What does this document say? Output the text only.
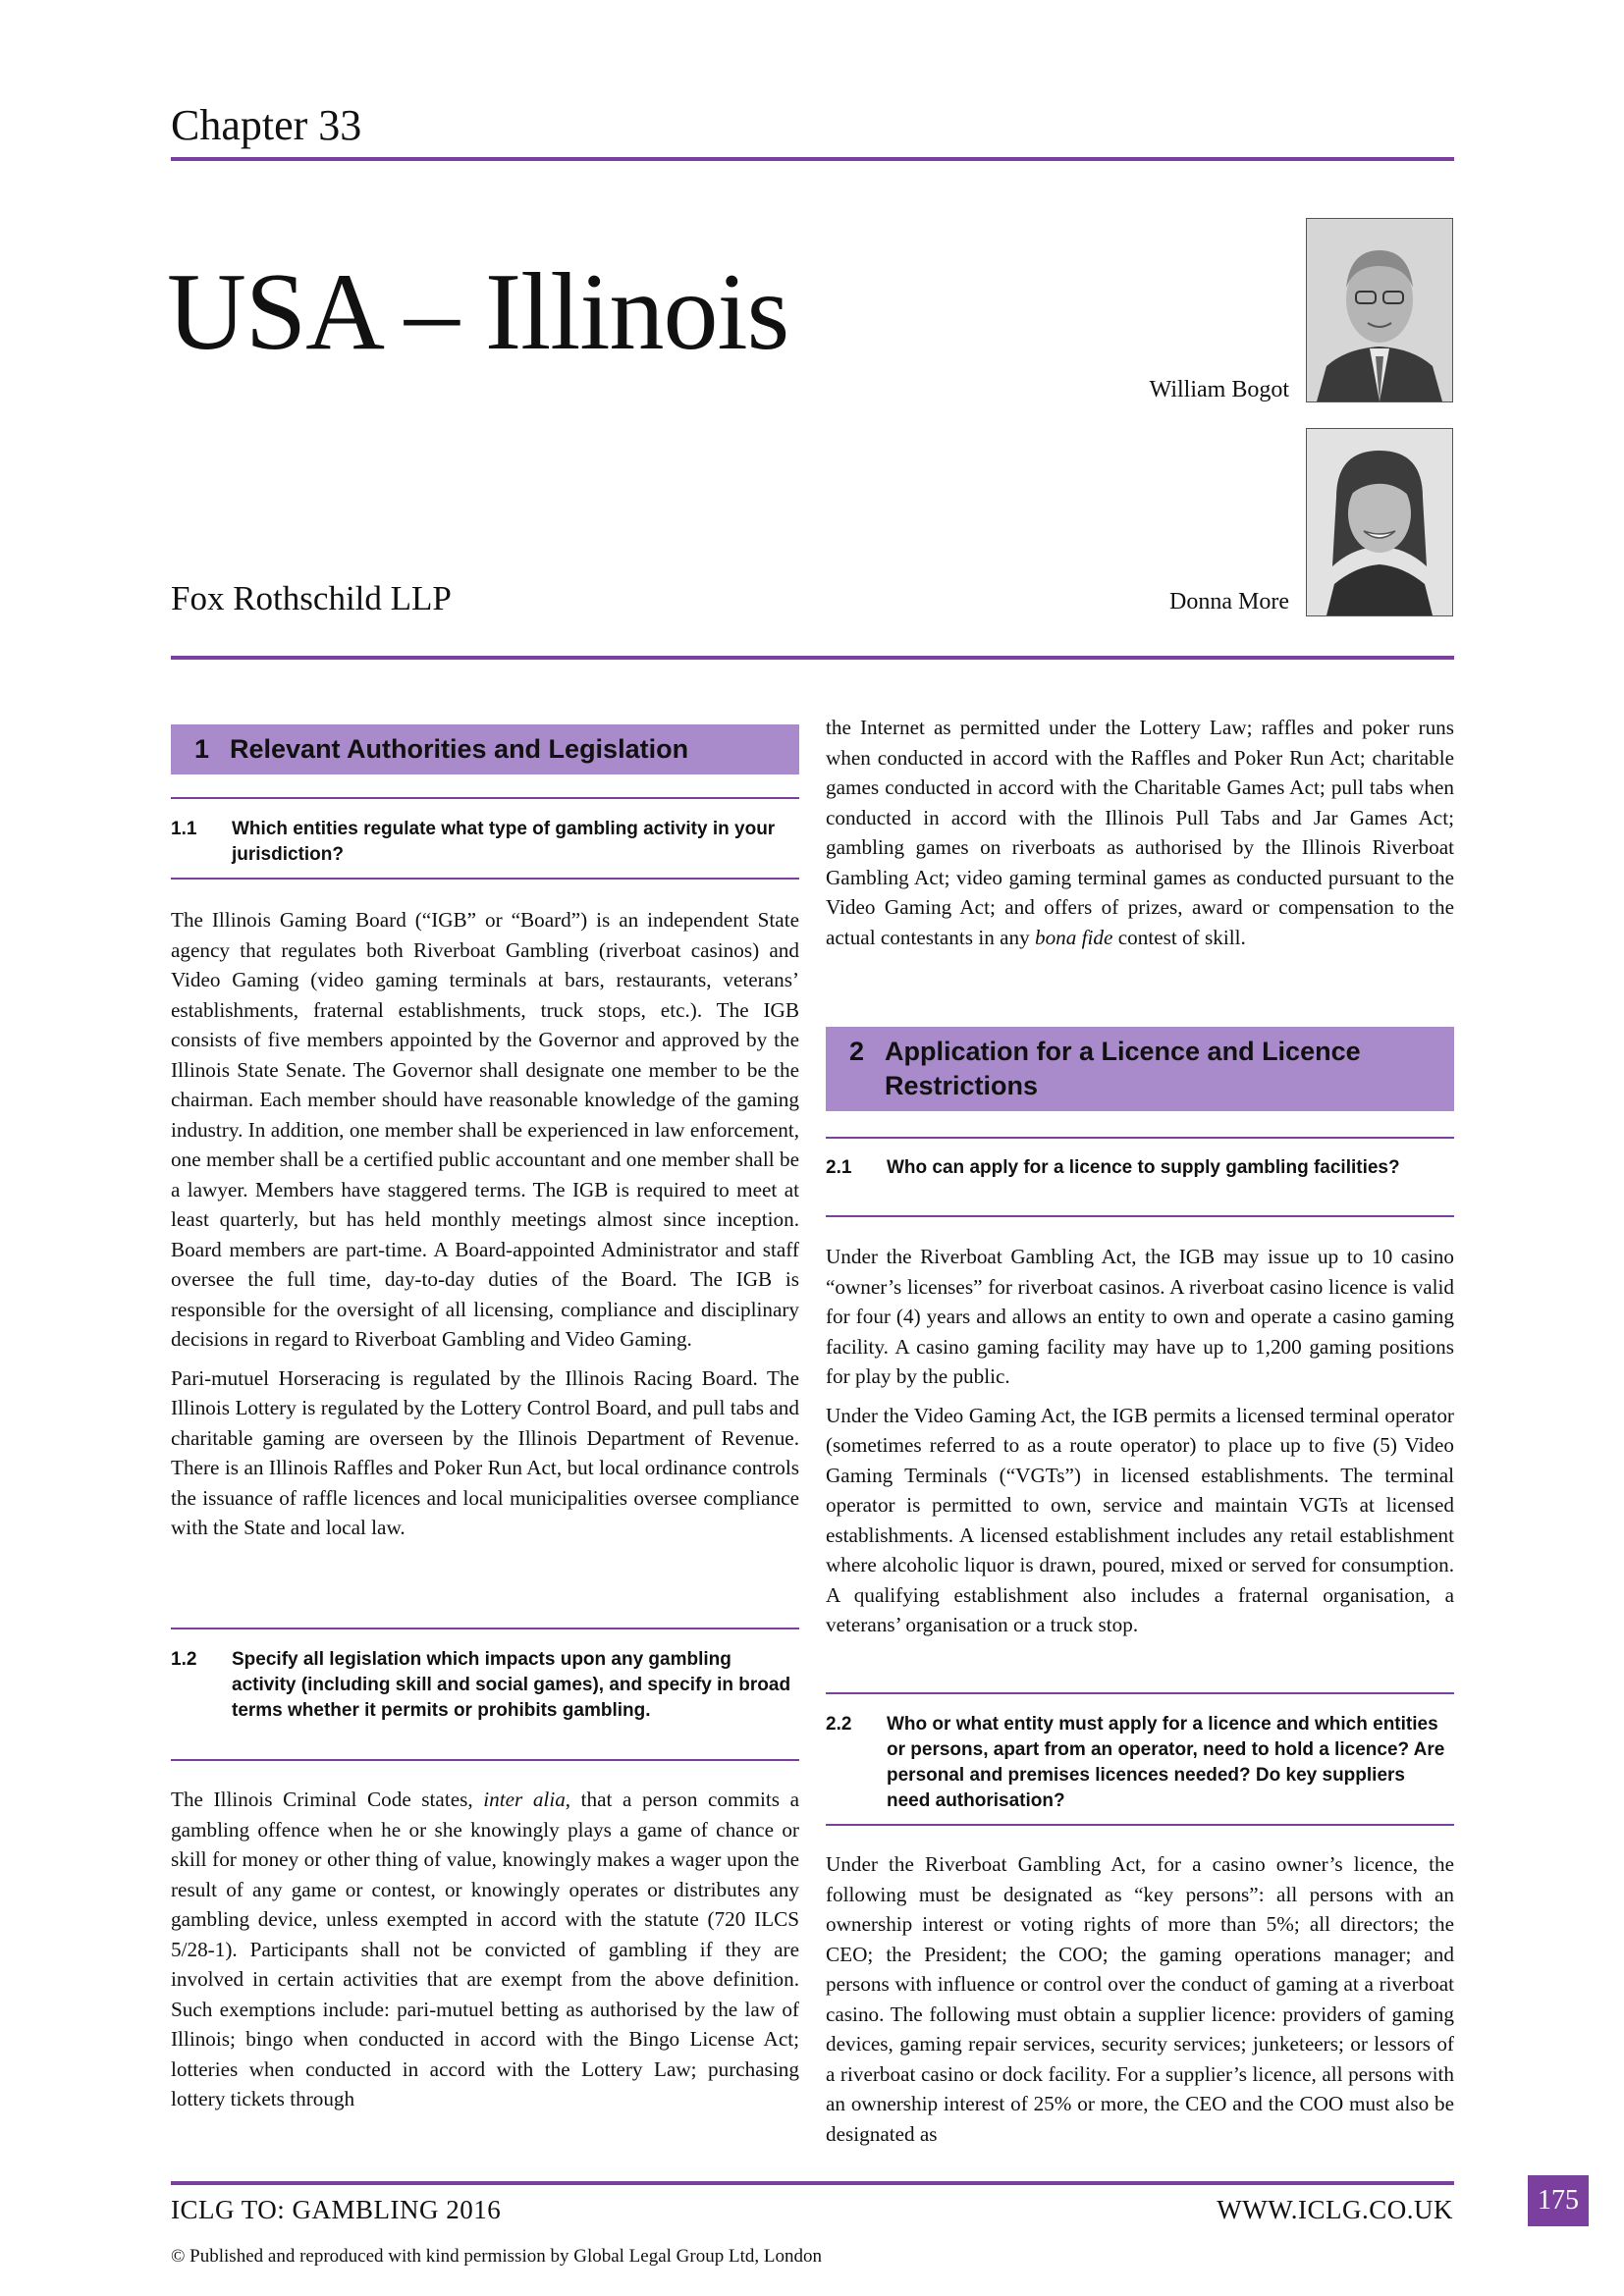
Chapter 33
USA – Illinois
William Bogot
Donna More
Fox Rothschild LLP
1 Relevant Authorities and Legislation
1.1 Which entities regulate what type of gambling activity in your jurisdiction?

The Illinois Gaming Board (“IGB” or “Board”) is an independent State agency that regulates both Riverboat Gambling (riverboat casinos) and Video Gaming (video gaming terminals at bars, restaurants, veterans’ establishments, fraternal establishments, truck stops, etc.). The IGB consists of five members appointed by the Governor and approved by the Illinois State Senate. The Governor shall designate one member to be the chairman. Each member should have reasonable knowledge of the gaming industry. In addition, one member shall be experienced in law enforcement, one member shall be a certified public accountant and one member shall be a lawyer. Members have staggered terms. The IGB is required to meet at least quarterly, but has held monthly meetings almost since inception. Board members are part-time. A Board-appointed Administrator and staff oversee the full time, day-to-day duties of the Board. The IGB is responsible for the oversight of all licensing, compliance and disciplinary decisions in regard to Riverboat Gambling and Video Gaming.

Pari-mutuel Horseracing is regulated by the Illinois Racing Board. The Illinois Lottery is regulated by the Lottery Control Board, and pull tabs and charitable gaming are overseen by the Illinois Department of Revenue. There is an Illinois Raffles and Poker Run Act, but local ordinance controls the issuance of raffle licences and local municipalities oversee compliance with the State and local law.

1.2 Specify all legislation which impacts upon any gambling activity (including skill and social games), and specify in broad terms whether it permits or prohibits gambling.

The Illinois Criminal Code states, inter alia, that a person commits a gambling offence when he or she knowingly plays a game of chance or skill for money or other thing of value, knowingly makes a wager upon the result of any game or contest, or knowingly operates or distributes any gambling device, unless exempted in accord with the statute (720 ILCS 5/28-1). Participants shall not be convicted of gambling if they are involved in certain activities that are exempt from the above definition. Such exemptions include: pari-mutuel betting as authorised by the law of Illinois; bingo when conducted in accord with the Bingo License Act; lotteries when conducted in accord with the Lottery Law; purchasing lottery tickets through

the Internet as permitted under the Lottery Law; raffles and poker runs when conducted in accord with the Raffles and Poker Run Act; charitable games conducted in accord with the Charitable Games Act; pull tabs when conducted in accord with the Illinois Pull Tabs and Jar Games Act; gambling games on riverboats as authorised by the Illinois Riverboat Gambling Act; video gaming terminal games as conducted pursuant to the Video Gaming Act; and offers of prizes, award or compensation to the actual contestants in any bona fide contest of skill.

2 Application for a Licence and Licence Restrictions
2.1 Who can apply for a licence to supply gambling facilities?

Under the Riverboat Gambling Act, the IGB may issue up to 10 casino “owner’s licenses” for riverboat casinos. A riverboat casino licence is valid for four (4) years and allows an entity to own and operate a casino gaming facility. A casino gaming facility may have up to 1,200 gaming positions for play by the public.

Under the Video Gaming Act, the IGB permits a licensed terminal operator (sometimes referred to as a route operator) to place up to five (5) Video Gaming Terminals (“VGTs”) in licensed establishments. The terminal operator is permitted to own, service and maintain VGTs at licensed establishments. A licensed establishment includes any retail establishment where alcoholic liquor is drawn, poured, mixed or served for consumption. A qualifying establishment also includes a fraternal organisation, a veterans’ organisation or a truck stop.

2.2 Who or what entity must apply for a licence and which entities or persons, apart from an operator, need to hold a licence? Are personal and premises licences needed? Do key suppliers need authorisation?

Under the Riverboat Gambling Act, for a casino owner’s licence, the following must be designated as “key persons”: all persons with an ownership interest or voting rights of more than 5%; all directors; the CEO; the President; the COO; the gaming operations manager; and persons with influence or control over the conduct of gaming at a riverboat casino. The following must obtain a supplier licence: providers of gaming devices, gaming repair services, security services; junketeers; or lessors of a riverboat casino or dock facility. For a supplier’s licence, all persons with an ownership interest of 25% or more, the CEO and the COO must also be designated as

ICLG TO: GAMBLING 2016	WWW.ICLG.CO.UK	175
© Published and reproduced with kind permission by Global Legal Group Ltd, London
